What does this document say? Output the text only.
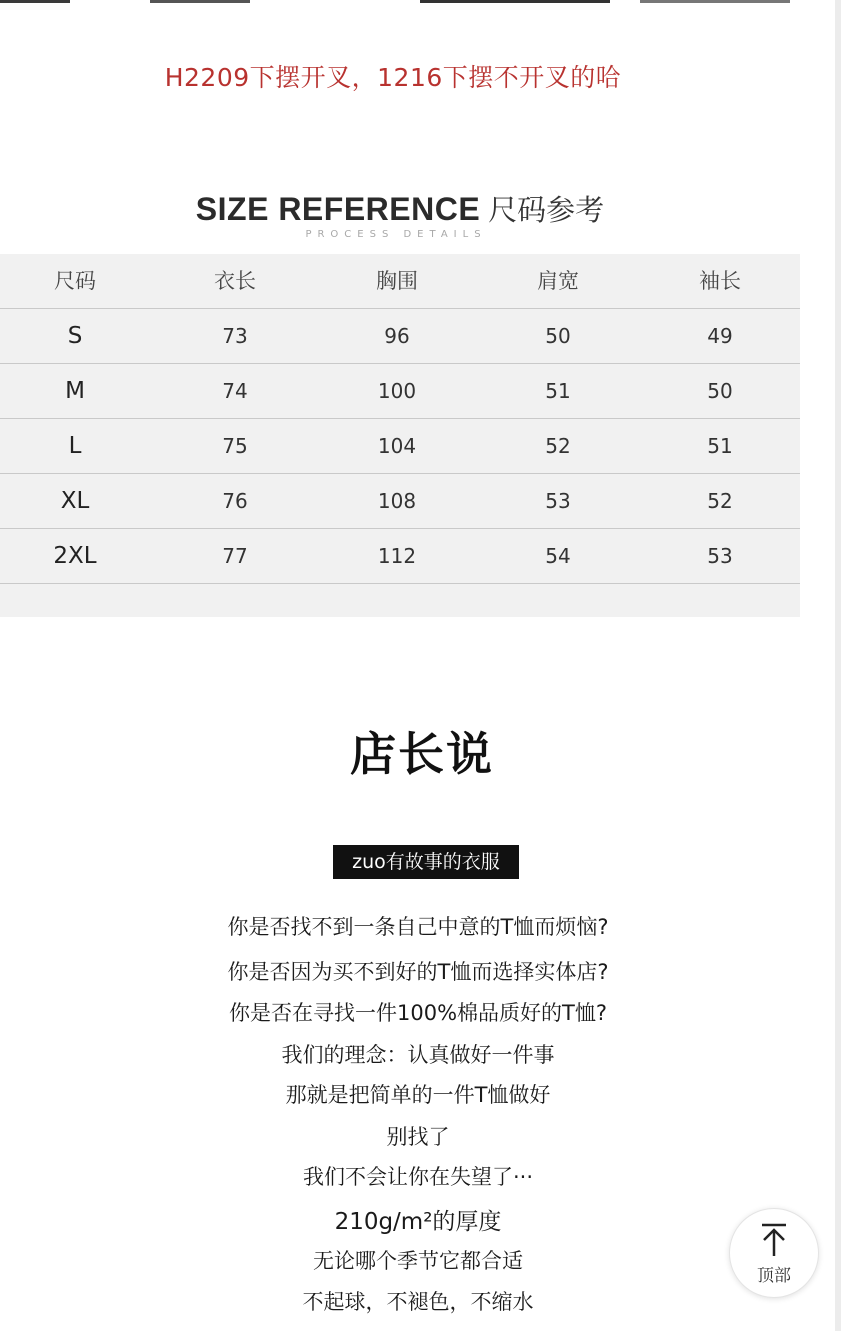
H2209下摆开叉，1216下摆不开叉的哈
SIZE REFERENCE 尺码参考
PROCESS DETAILS
尺码	衣长	胸围	肩宽	袖长
S	73	96	50	49
M	74	100	51	50
L	75	104	52	51
XL	76	108	53	52
2XL	77	112	54	53
店长说
zuo有故事的衣服
你是否找不到一条自己中意的T恤而烦恼?
你是否因为买不到好的T恤而选择实体店?
你是否在寻找一件100%棉品质好的T恤?
我们的理念：认真做好一件事
那就是把简单的一件T恤做好
别找了
我们不会让你在失望了···
210g/m²的厚度
无论哪个季节它都合适
不起球，不褪色，不缩水
顶部
